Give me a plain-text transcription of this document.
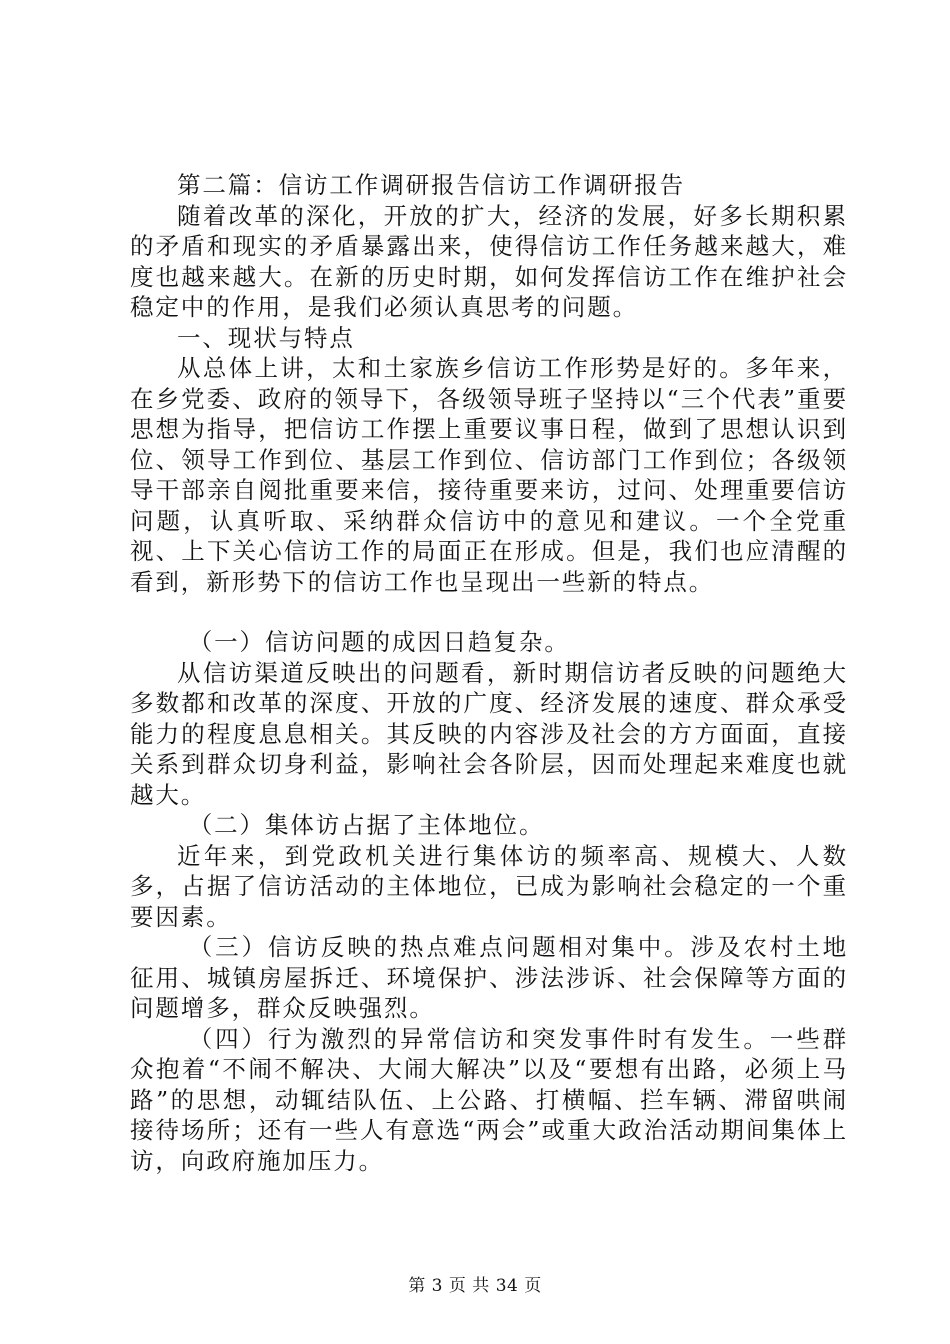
第二篇：信访工作调研报告信访工作调研报告

随着改革的深化，开放的扩大，经济的发展，好多长期积累的矛盾和现实的矛盾暴露出来，使得信访工作任务越来越大，难度也越来越大。在新的历史时期，如何发挥信访工作在维护社会稳定中的作用，是我们必须认真思考的问题。

一、现状与特点

从总体上讲，太和土家族乡信访工作形势是好的。多年来，在乡党委、政府的领导下，各级领导班子坚持以“三个代表”重要思想为指导，把信访工作摆上重要议事日程，做到了思想认识到位、领导工作到位、基层工作到位、信访部门工作到位；各级领导干部亲自阅批重要来信，接待重要来访，过问、处理重要信访问题，认真听取、采纳群众信访中的意见和建议。一个全党重视、上下关心信访工作的局面正在形成。但是，我们也应清醒的看到，新形势下的信访工作也呈现出一些新的特点。

（一）信访问题的成因日趋复杂。

从信访渠道反映出的问题看，新时期信访者反映的问题绝大多数都和改革的深度、开放的广度、经济发展的速度、群众承受能力的程度息息相关。其反映的内容涉及社会的方方面面，直接关系到群众切身利益，影响社会各阶层，因而处理起来难度也就越大。

（二）集体访占据了主体地位。

近年来，到党政机关进行集体访的频率高、规模大、人数多，占据了信访活动的主体地位，已成为影响社会稳定的一个重要因素。

（三）信访反映的热点难点问题相对集中。涉及农村土地征用、城镇房屋拆迁、环境保护、涉法涉诉、社会保障等方面的问题增多，群众反映强烈。

（四）行为激烈的异常信访和突发事件时有发生。一些群众抱着“不闹不解决、大闹大解决”以及“要想有出路，必须上马路”的思想，动辄结队伍、上公路、打横幅、拦车辆、滞留哄闹接待场所；还有一些人有意选“两会”或重大政治活动期间集体上访，向政府施加压力。

第 3 页 共 34 页
